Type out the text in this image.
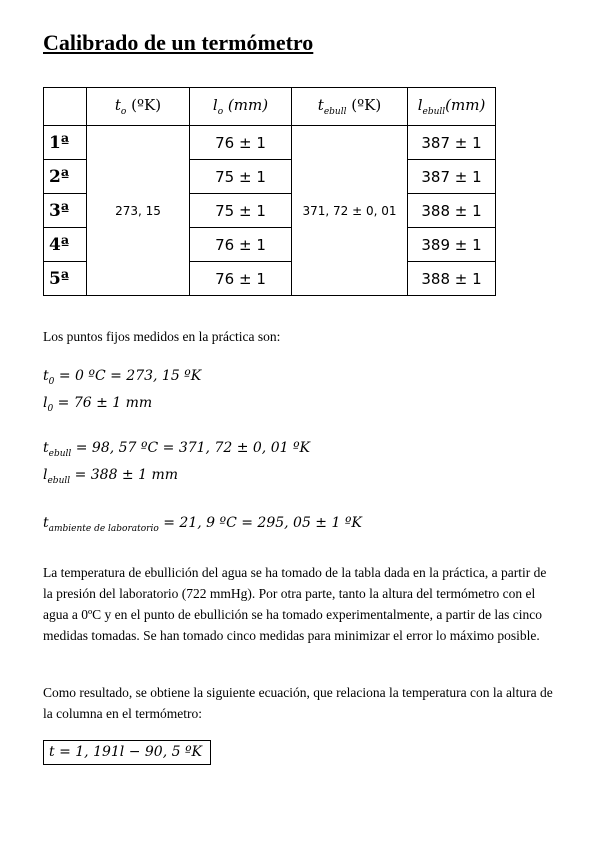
Calibrado de un termómetro
	$t_o$ (ºK)	$l_o$ (mm)	$t_{ebull}$ (ºK)	$l_{ebull}(mm)$
1ª	273, 15	76 ± 1	371, 72 ± 0, 01	387 ± 1
2ª		75 ± 1		387 ± 1
3ª		75 ± 1		388 ± 1
4ª		76 ± 1		389 ± 1
5ª		76 ± 1		388 ± 1

Los puntos fijos medidos en la práctica son:

$t_0 = 0$ ºC = 273, 15 ºK

$l_0 = 76 \pm 1$ mm

$t_{ebull} = 98$, 57 ºC = 371, 72 ± 0, 01 ºK

$l_{ebull} = 388 \pm 1$ mm

$t_{ambiente de laboratorio} = 21$, 9 ºC = 295, 05 ± 1 ºK

La temperatura de ebullición del agua se ha tomado de la tabla dada en la práctica, a partir de la presión del laboratorio (722 mmHg). Por otra parte, tanto la altura del termómetro con el agua a 0ºC y en el punto de ebullición se ha tomado experimentalmente, a partir de las cinco medidas tomadas. Se han tomado cinco medidas para minimizar el error lo máximo posible.

Como resultado, se obtiene la siguiente ecuación, que relaciona la temperatura con la altura de la columna en el termómetro:

t = 1, 191l − 90, 5 ºK
